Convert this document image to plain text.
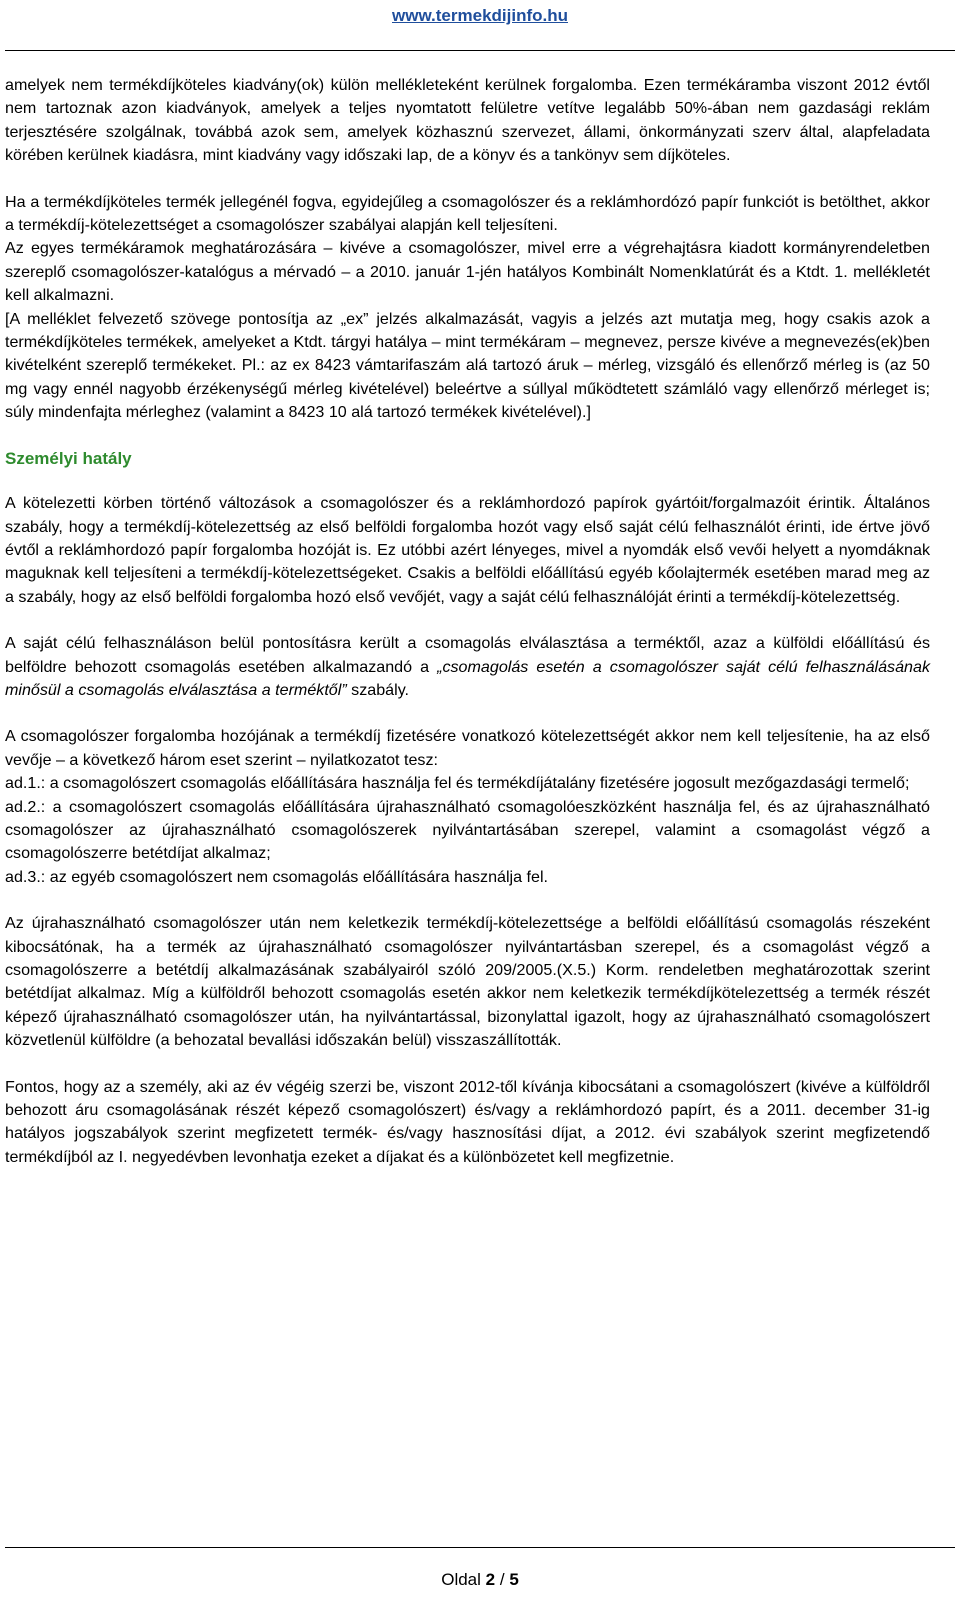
www.termekdijinfo.hu

amelyek nem termékdíjköteles kiadvány(ok) külön mellékleteként kerülnek forgalomba. Ezen termékáramba viszont 2012 évtől nem tartoznak azon kiadványok, amelyek a teljes nyomtatott felületre vetítve legalább 50%-ában nem gazdasági reklám terjesztésére szolgálnak, továbbá azok sem, amelyek közhasznú szervezet, állami, önkormányzati szerv által, alapfeladata körében kerülnek kiadásra, mint kiadvány vagy időszaki lap, de a könyv és a tankönyv sem díjköteles.

Ha a termékdíjköteles termék jellegénél fogva, egyidejűleg a csomagolószer és a reklámhordózó papír funkciót is betölthet, akkor a termékdíj-kötelezettséget a csomagolószer szabályai alapján kell teljesíteni.

Az egyes termékáramok meghatározására – kivéve a csomagolószer, mivel erre a végrehajtásra kiadott kormányrendeletben szereplő csomagolószer-katalógus a mérvadó – a 2010. január 1-jén hatályos Kombinált Nomenklatúrát és a Ktdt. 1. mellékletét kell alkalmazni.

[A melléklet felvezető szövege pontosítja az „ex” jelzés alkalmazását, vagyis a jelzés azt mutatja meg, hogy csakis azok a termékdíjköteles termékek, amelyeket a Ktdt. tárgyi hatálya – mint termékáram – megnevez, persze kivéve a megnevezés(ek)ben kivételként szereplő termékeket. Pl.: az ex 8423 vámtarifaszám alá tartozó áruk – mérleg, vizsgáló és ellenőrző mérleg is (az 50 mg vagy ennél nagyobb érzékenységű mérleg kivételével) beleértve a súllyal működtetett számláló vagy ellenőrző mérleget is; súly mindenfajta mérleghez (valamint a 8423 10 alá tartozó termékek kivételével).]

Személyi hatály

A kötelezetti körben történő változások a csomagolószer és a reklámhordozó papírok gyártóit/forgalmazóit érintik. Általános szabály, hogy a termékdíj-kötelezettség az első belföldi forgalomba hozót vagy első saját célú felhasználót érinti, ide értve jövő évtől a reklámhordozó papír forgalomba hozóját is. Ez utóbbi azért lényeges, mivel a nyomdák első vevői helyett a nyomdáknak maguknak kell teljesíteni a termékdíj-kötelezettségeket. Csakis a belföldi előállítású egyéb kőolajtermék esetében marad meg az a szabály, hogy az első belföldi forgalomba hozó első vevőjét, vagy a saját célú felhasználóját érinti a termékdíj-kötelezettség.

A saját célú felhasználáson belül pontosításra került a csomagolás elválasztása a terméktől, azaz a külföldi előállítású és belföldre behozott csomagolás esetében alkalmazandó a „csomagolás esetén a csomagolószer saját célú felhasználásának minősül a csomagolás elválasztása a terméktől” szabály.

A csomagolószer forgalomba hozójának a termékdíj fizetésére vonatkozó kötelezettségét akkor nem kell teljesítenie, ha az első vevője – a következő három eset szerint – nyilatkozatot tesz:

ad.1.: a csomagolószert csomagolás előállítására használja fel és termékdíjátalány fizetésére jogosult mezőgazdasági termelő;

ad.2.: a csomagolószert csomagolás előállítására újrahasználható csomagolóeszközként használja fel, és az újrahasználható csomagolószer az újrahasználható csomagolószerek nyilvántartásában szerepel, valamint a csomagolást végző a csomagolószerre betétdíjat alkalmaz;

ad.3.: az egyéb csomagolószert nem csomagolás előállítására használja fel.

Az újrahasználható csomagolószer után nem keletkezik termékdíj-kötelezettsége a belföldi előállítású csomagolás részeként kibocsátónak, ha a termék az újrahasználható csomagolószer nyilvántartásban szerepel, és a csomagolást végző a csomagolószerre a betétdíj alkalmazásának szabályairól szóló 209/2005.(X.5.) Korm. rendeletben meghatározottak szerint betétdíjat alkalmaz. Míg a külföldről behozott csomagolás esetén akkor nem keletkezik termékdíjkötelezettség a termék részét képező újrahasználható csomagolószer után, ha nyilvántartással, bizonylattal igazolt, hogy az újrahasználható csomagolószert közvetlenül külföldre (a behozatal bevallási időszakán belül) visszaszállították.

Fontos, hogy az a személy, aki az év végéig szerzi be, viszont 2012-től kívánja kibocsátani a csomagolószert (kivéve a külföldről behozott áru csomagolásának részét képező csomagolószert) és/vagy a reklámhordozó papírt, és a 2011. december 31-ig hatályos jogszabályok szerint megfizetett termék- és/vagy hasznosítási díjat, a 2012. évi szabályok szerint megfizetendő termékdíjból az I. negyedévben levonhatja ezeket a díjakat és a különbözetet kell megfizetnie.

Oldal 2 / 5
